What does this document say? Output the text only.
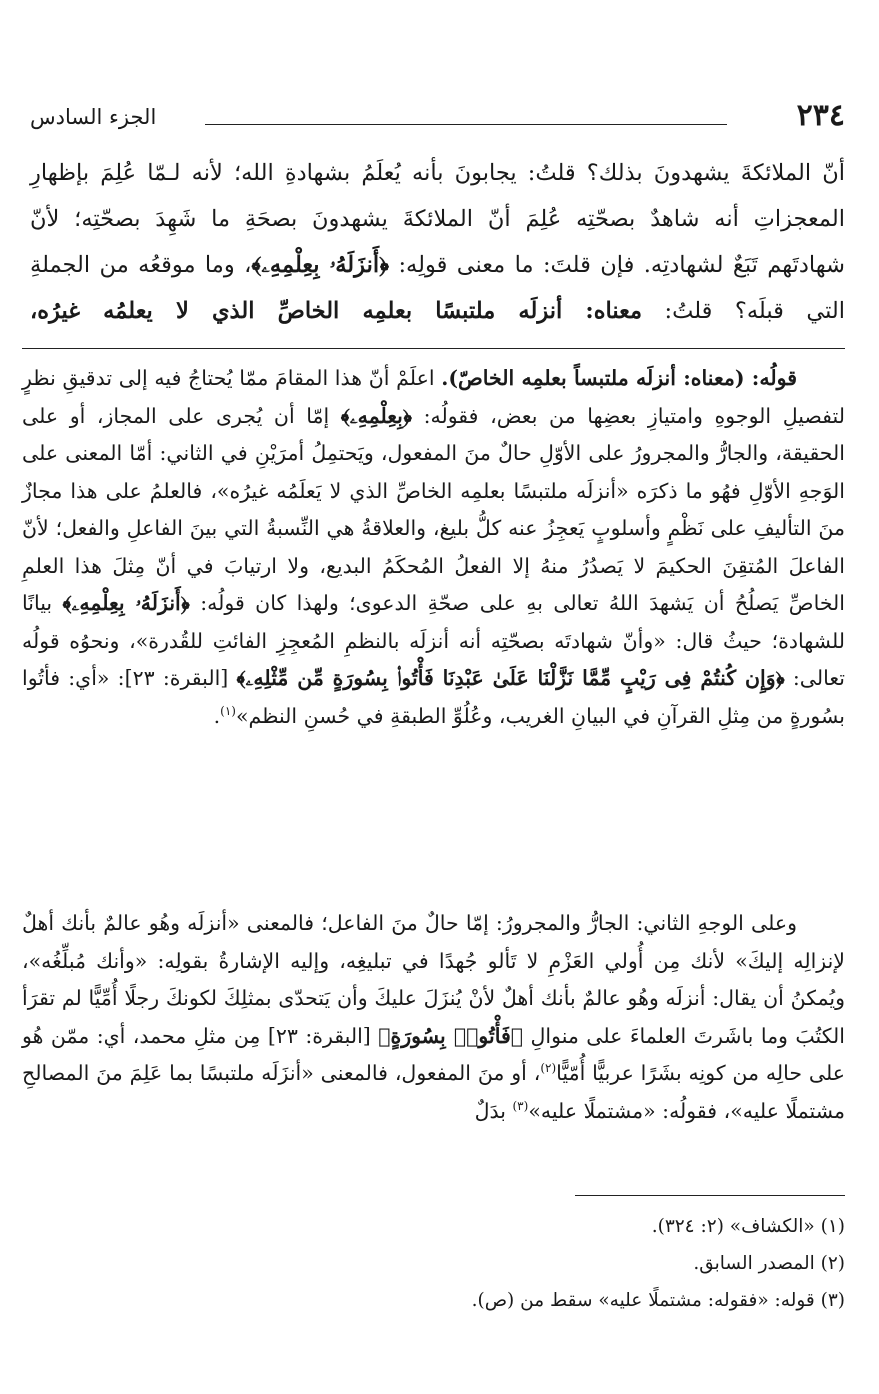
٢٣٤
الجزء السادس

أنّ الملائكةَ يشهدونَ بذلك؟ قلتُ: يجابونَ بأنه يُعلَمُ بشهادةِ الله؛ لأنه لـمّا عُلِمَ بإظهارِ المعجزاتِ أنه شاهدٌ بصحّتِه عُلِمَ أنّ الملائكةَ يشهدونَ بصحَةِ ما شَهِدَ بصحّتِه؛ لأنّ شهادتَهم تَبَعٌ لشهادتِه. فإن قلتَ: ما معنى قولِه: ﴿أَنزَلَهُۥ بِعِلْمِهِۦ﴾، وما موقعُه من الجملةِ التي قبلَه؟ قلتُ: معناه: أنزلَه ملتبسًا بعلمِه الخاصِّ الذي لا يعلمُه غيرُه،

قولُه: (معناه: أنزلَه ملتبساً بعلمِه الخاصّ). اعلَمْ أنّ هذا المقامَ ممّا يُحتاجُ فيه إلى تدقيقِ نظرٍ لتفصيلِ الوجوهِ وامتيازِ بعضِها من بعض، فقولُه: ﴿بِعِلْمِهِۦ﴾ إمّا أن يُجرى على المجاز، أو على الحقيقة، والجارُّ والمجرورُ على الأوّلِ حالٌ منَ المفعول، ويَحتمِلُ أمرَيْنِ في الثاني: أمّا المعنى على الوَجهِ الأوّلِ فهُو ما ذكرَه «أنزلَه ملتبسًا بعلمِه الخاصِّ الذي لا يَعلَمُه غيرُه»، فالعلمُ على هذا مجازٌ منَ التأليفِ على نَظْمٍ وأسلوبٍ يَعجِزُ عنه كلُّ بليغ، والعلاقةُ هي النِّسبةُ التي بينَ الفاعلِ والفعل؛ لأنّ الفاعلَ المُتقِنَ الحكيمَ لا يَصدُرُ منهُ إلا الفعلُ المُحكَمُ البديع، ولا ارتيابَ في أنّ مِثلَ هذا العلمِ الخاصِّ يَصلُحُ أن يَشهدَ اللهُ تعالى بهِ على صحّةِ الدعوى؛ ولهذا كان قولُه: ﴿أَنزَلَهُۥ بِعِلْمِهِۦ﴾ بيانًا للشهادة؛ حيثُ قال: «وأنّ شهادتَه بصحّتِه أنه أنزلَه بالنظمِ المُعجِزِ الفائتِ للقُدرة»، ونحوُه قولُه تعالى: ﴿وَإِن كُنتُمْ فِى رَيْبٍ مِّمَّا نَزَّلْنَا عَلَىٰ عَبْدِنَا فَأْتُوا۟ بِسُورَةٍ مِّن مِّثْلِهِۦ﴾ [البقرة: ٢٣]: «أي: فأتُوا بسُورةٍ من مِثلِ القرآنِ في البيانِ الغريب، وعُلُوِّ الطبقةِ في حُسنِ النظم»$^{(١)}$.

وعلى الوجهِ الثاني: الجارُّ والمجرورُ: إمّا حالٌ منَ الفاعل؛ فالمعنى «أنزلَه وهُو عالمٌ بأنك أهلٌ لإنزالِه إليكَ» لأنك مِن أُولي العَزْمِ لا تَألو جُهدًا في تبليغِه، وإليه الإشارةُ بقولِه: «وأنك مُبلِّغُه»، ويُمكنُ أن يقال: أنزلَه وهُو عالمٌ بأنك أهلٌ لأنْ يُنزَلَ عليكَ وأن يَتحدّى بمثلِكَ لكونكَ رجلًا أُمِّيًّا لم تقرَأ الكتُبَ وما باشَرتَ العلماءَ على منوالِ ﴿فَأْتُوا۟ بِسُورَةٍ﴾ [البقرة: ٢٣] مِن مثلِ محمد، أي: ممّن هُو على حالِه من كونِه بشَرًا عربيًّا أُمّيًّا$^{(٢)}$، أو منَ المفعول، فالمعنى «أنزَلَه ملتبسًا بما عَلِمَ منَ المصالحِ مشتملًا عليه»، فقولُه: «مشتملًا عليه»$^{(٣)}$ بدَلٌ

(١) «الكشاف» (٢: ٣٢٤).
(٢) المصدر السابق.
(٣) قوله: «فقوله: مشتملًا عليه» سقط من (ص).
